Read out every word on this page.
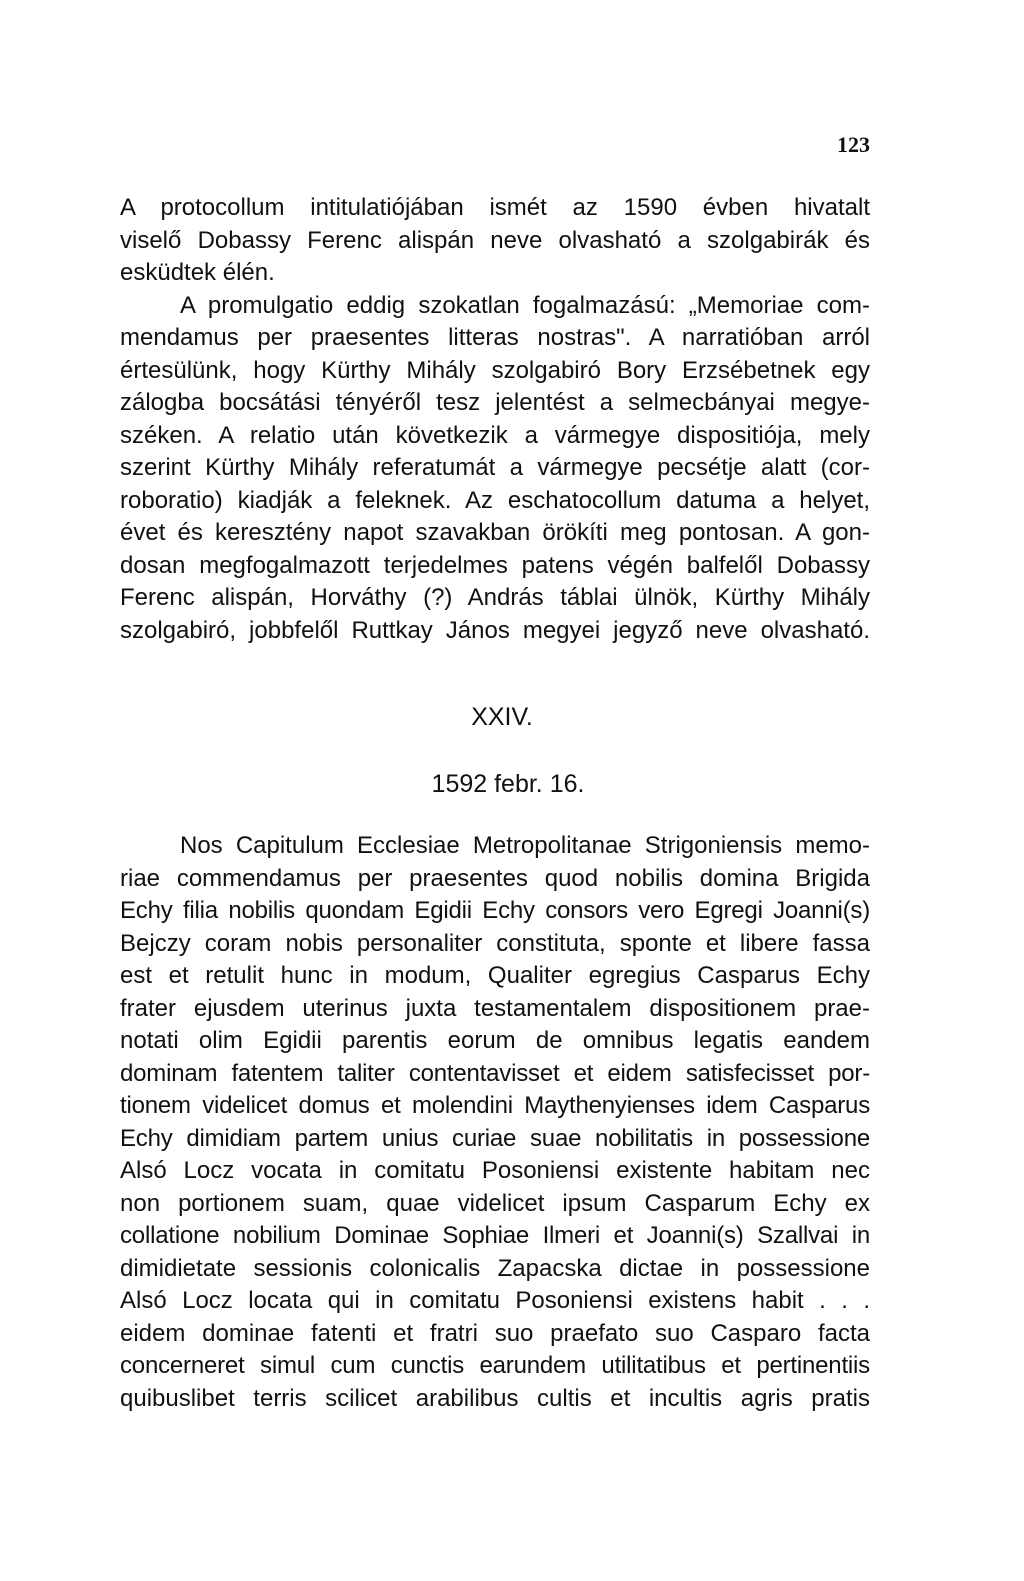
123
A protocollum intitulatiójában ismét az 1590 évben hivatalt
viselő Dobassy Ferenc alispán neve olvasható a szolgabirák és
esküdtek élén.
A promulgatio eddig szokatlan fogalmazású: „Memoriae com-
mendamus per praesentes litteras nostras". A narratióban arról
értesülünk, hogy Kürthy Mihály szolgabiró Bory Erzsébetnek egy
zálogba bocsátási tényéről tesz jelentést a selmecbányai megye-
széken. A relatio után következik a vármegye dispositiója, mely
szerint Kürthy Mihály referatumát a vármegye pecsétje alatt (cor-
roboratio) kiadják a feleknek. Az eschatocollum datuma a helyet,
évet és keresztény napot szavakban örökíti meg pontosan. A gon-
dosan megfogalmazott terjedelmes patens végén balfelől Dobassy
Ferenc alispán, Horváthy (?) András táblai ülnök, Kürthy Mihály
szolgabiró, jobbfelől Ruttkay János megyei jegyző neve olvasható.
XXIV.
1592 febr. 16.
Nos Capitulum Ecclesiae Metropolitanae Strigoniensis memo-
riae commendamus per praesentes quod nobilis domina Brigida
Echy filia nobilis quondam Egidii Echy consors vero Egregi Joanni(s)
Bejczy coram nobis personaliter constituta, sponte et libere fassa
est et retulit hunc in modum, Qualiter egregius Casparus Echy
frater ejusdem uterinus juxta testamentalem dispositionem prae-
notati olim Egidii parentis eorum de omnibus legatis eandem
dominam fatentem taliter contentavisset et eidem satisfecisset por-
tionem videlicet domus et molendini Maythenyienses idem Casparus
Echy dimidiam partem unius curiae suae nobilitatis in possessione
Alsó Locz vocata in comitatu Posoniensi existente habitam nec
non portionem suam, quae videlicet ipsum Casparum Echy ex
collatione nobilium Dominae Sophiae Ilmeri et Joanni(s) Szallvai in
dimidietate sessionis colonicalis Zapacska dictae in possessione
Alsó Locz locata qui in comitatu Posoniensi existens habit . . .
eidem dominae fatenti et fratri suo praefato suo Casparo facta
concerneret simul cum cunctis earundem utilitatibus et pertinentiis
quibuslibet terris scilicet arabilibus cultis et incultis agris pratis
